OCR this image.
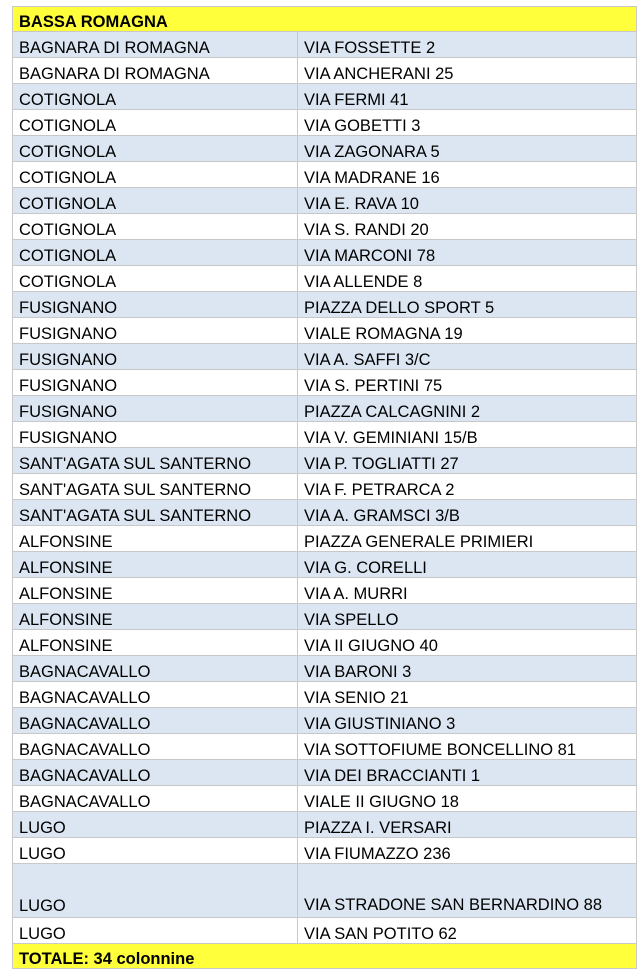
BASSA ROMAGNA	
BAGNARA DI ROMAGNA	VIA FOSSETTE 2
BAGNARA DI ROMAGNA	VIA ANCHERANI 25
COTIGNOLA	VIA FERMI 41
COTIGNOLA	VIA GOBETTI 3
COTIGNOLA	VIA ZAGONARA 5
COTIGNOLA	VIA MADRANE 16
COTIGNOLA	VIA E. RAVA 10
COTIGNOLA	VIA S. RANDI 20
COTIGNOLA	VIA MARCONI 78
COTIGNOLA	VIA ALLENDE 8
FUSIGNANO	PIAZZA DELLO SPORT 5
FUSIGNANO	VIALE ROMAGNA 19
FUSIGNANO	VIA A. SAFFI 3/C
FUSIGNANO	VIA S. PERTINI 75
FUSIGNANO	PIAZZA CALCAGNINI 2
FUSIGNANO	VIA V. GEMINIANI 15/B
SANT'AGATA SUL SANTERNO	VIA P. TOGLIATTI 27
SANT'AGATA SUL SANTERNO	VIA F. PETRARCA 2
SANT'AGATA SUL SANTERNO	VIA A. GRAMSCI 3/B
ALFONSINE	PIAZZA GENERALE PRIMIERI
ALFONSINE	VIA G. CORELLI
ALFONSINE	VIA A. MURRI
ALFONSINE	VIA SPELLO
ALFONSINE	VIA II GIUGNO 40
BAGNACAVALLO	VIA BARONI 3
BAGNACAVALLO	VIA SENIO 21
BAGNACAVALLO	VIA GIUSTINIANO 3
BAGNACAVALLO	VIA SOTTOFIUME BONCELLINO 81
BAGNACAVALLO	VIA DEI BRACCIANTI 1
BAGNACAVALLO	VIALE II GIUGNO 18
LUGO	PIAZZA I. VERSARI
LUGO	VIA FIUMAZZO 236
LUGO	VIA STRADONE SAN BERNARDINO 88
LUGO	VIA SAN POTITO 62
TOTALE: 34 colonnine	
